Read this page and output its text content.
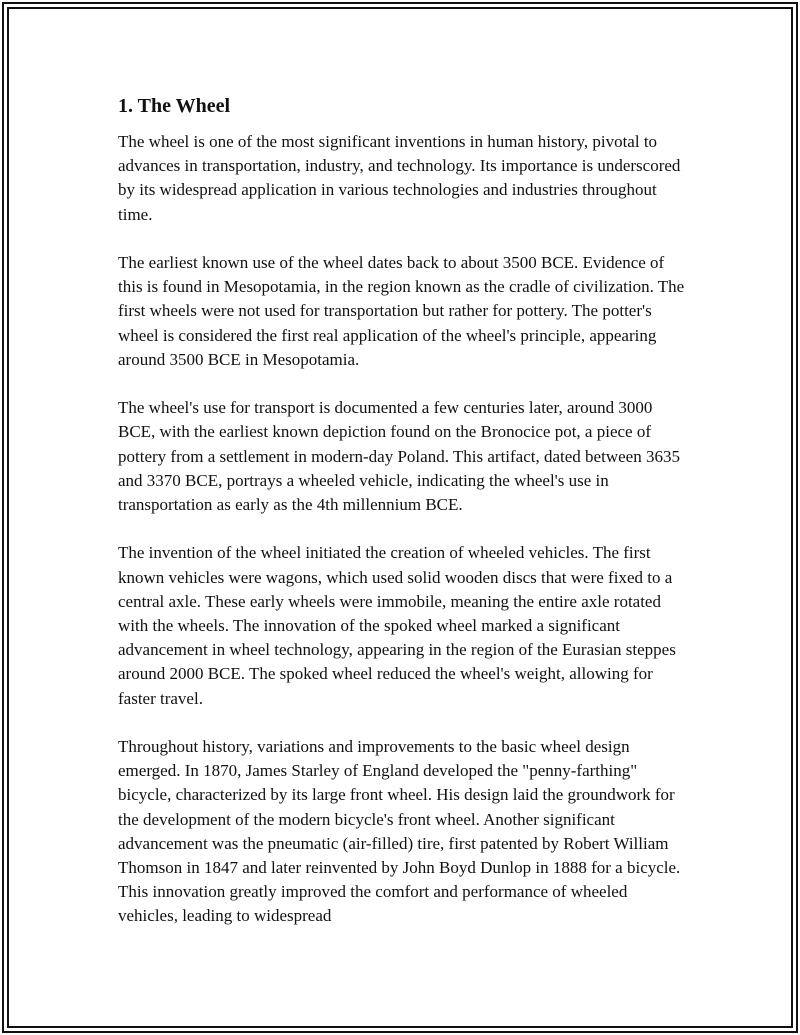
1. The Wheel

The wheel is one of the most significant inventions in human history, pivotal to advances in transportation, industry, and technology. Its importance is underscored by its widespread application in various technologies and industries throughout time.

The earliest known use of the wheel dates back to about 3500 BCE. Evidence of this is found in Mesopotamia, in the region known as the cradle of civilization. The first wheels were not used for transportation but rather for pottery. The potter's wheel is considered the first real application of the wheel's principle, appearing around 3500 BCE in Mesopotamia.

The wheel's use for transport is documented a few centuries later, around 3000 BCE, with the earliest known depiction found on the Bronocice pot, a piece of pottery from a settlement in modern-day Poland. This artifact, dated between 3635 and 3370 BCE, portrays a wheeled vehicle, indicating the wheel's use in transportation as early as the 4th millennium BCE.

The invention of the wheel initiated the creation of wheeled vehicles. The first known vehicles were wagons, which used solid wooden discs that were fixed to a central axle. These early wheels were immobile, meaning the entire axle rotated with the wheels. The innovation of the spoked wheel marked a significant advancement in wheel technology, appearing in the region of the Eurasian steppes around 2000 BCE. The spoked wheel reduced the wheel's weight, allowing for faster travel.

Throughout history, variations and improvements to the basic wheel design emerged. In 1870, James Starley of England developed the "penny-farthing" bicycle, characterized by its large front wheel. His design laid the groundwork for the development of the modern bicycle's front wheel. Another significant advancement was the pneumatic (air-filled) tire, first patented by Robert William Thomson in 1847 and later reinvented by John Boyd Dunlop in 1888 for a bicycle. This innovation greatly improved the comfort and performance of wheeled vehicles, leading to widespread
